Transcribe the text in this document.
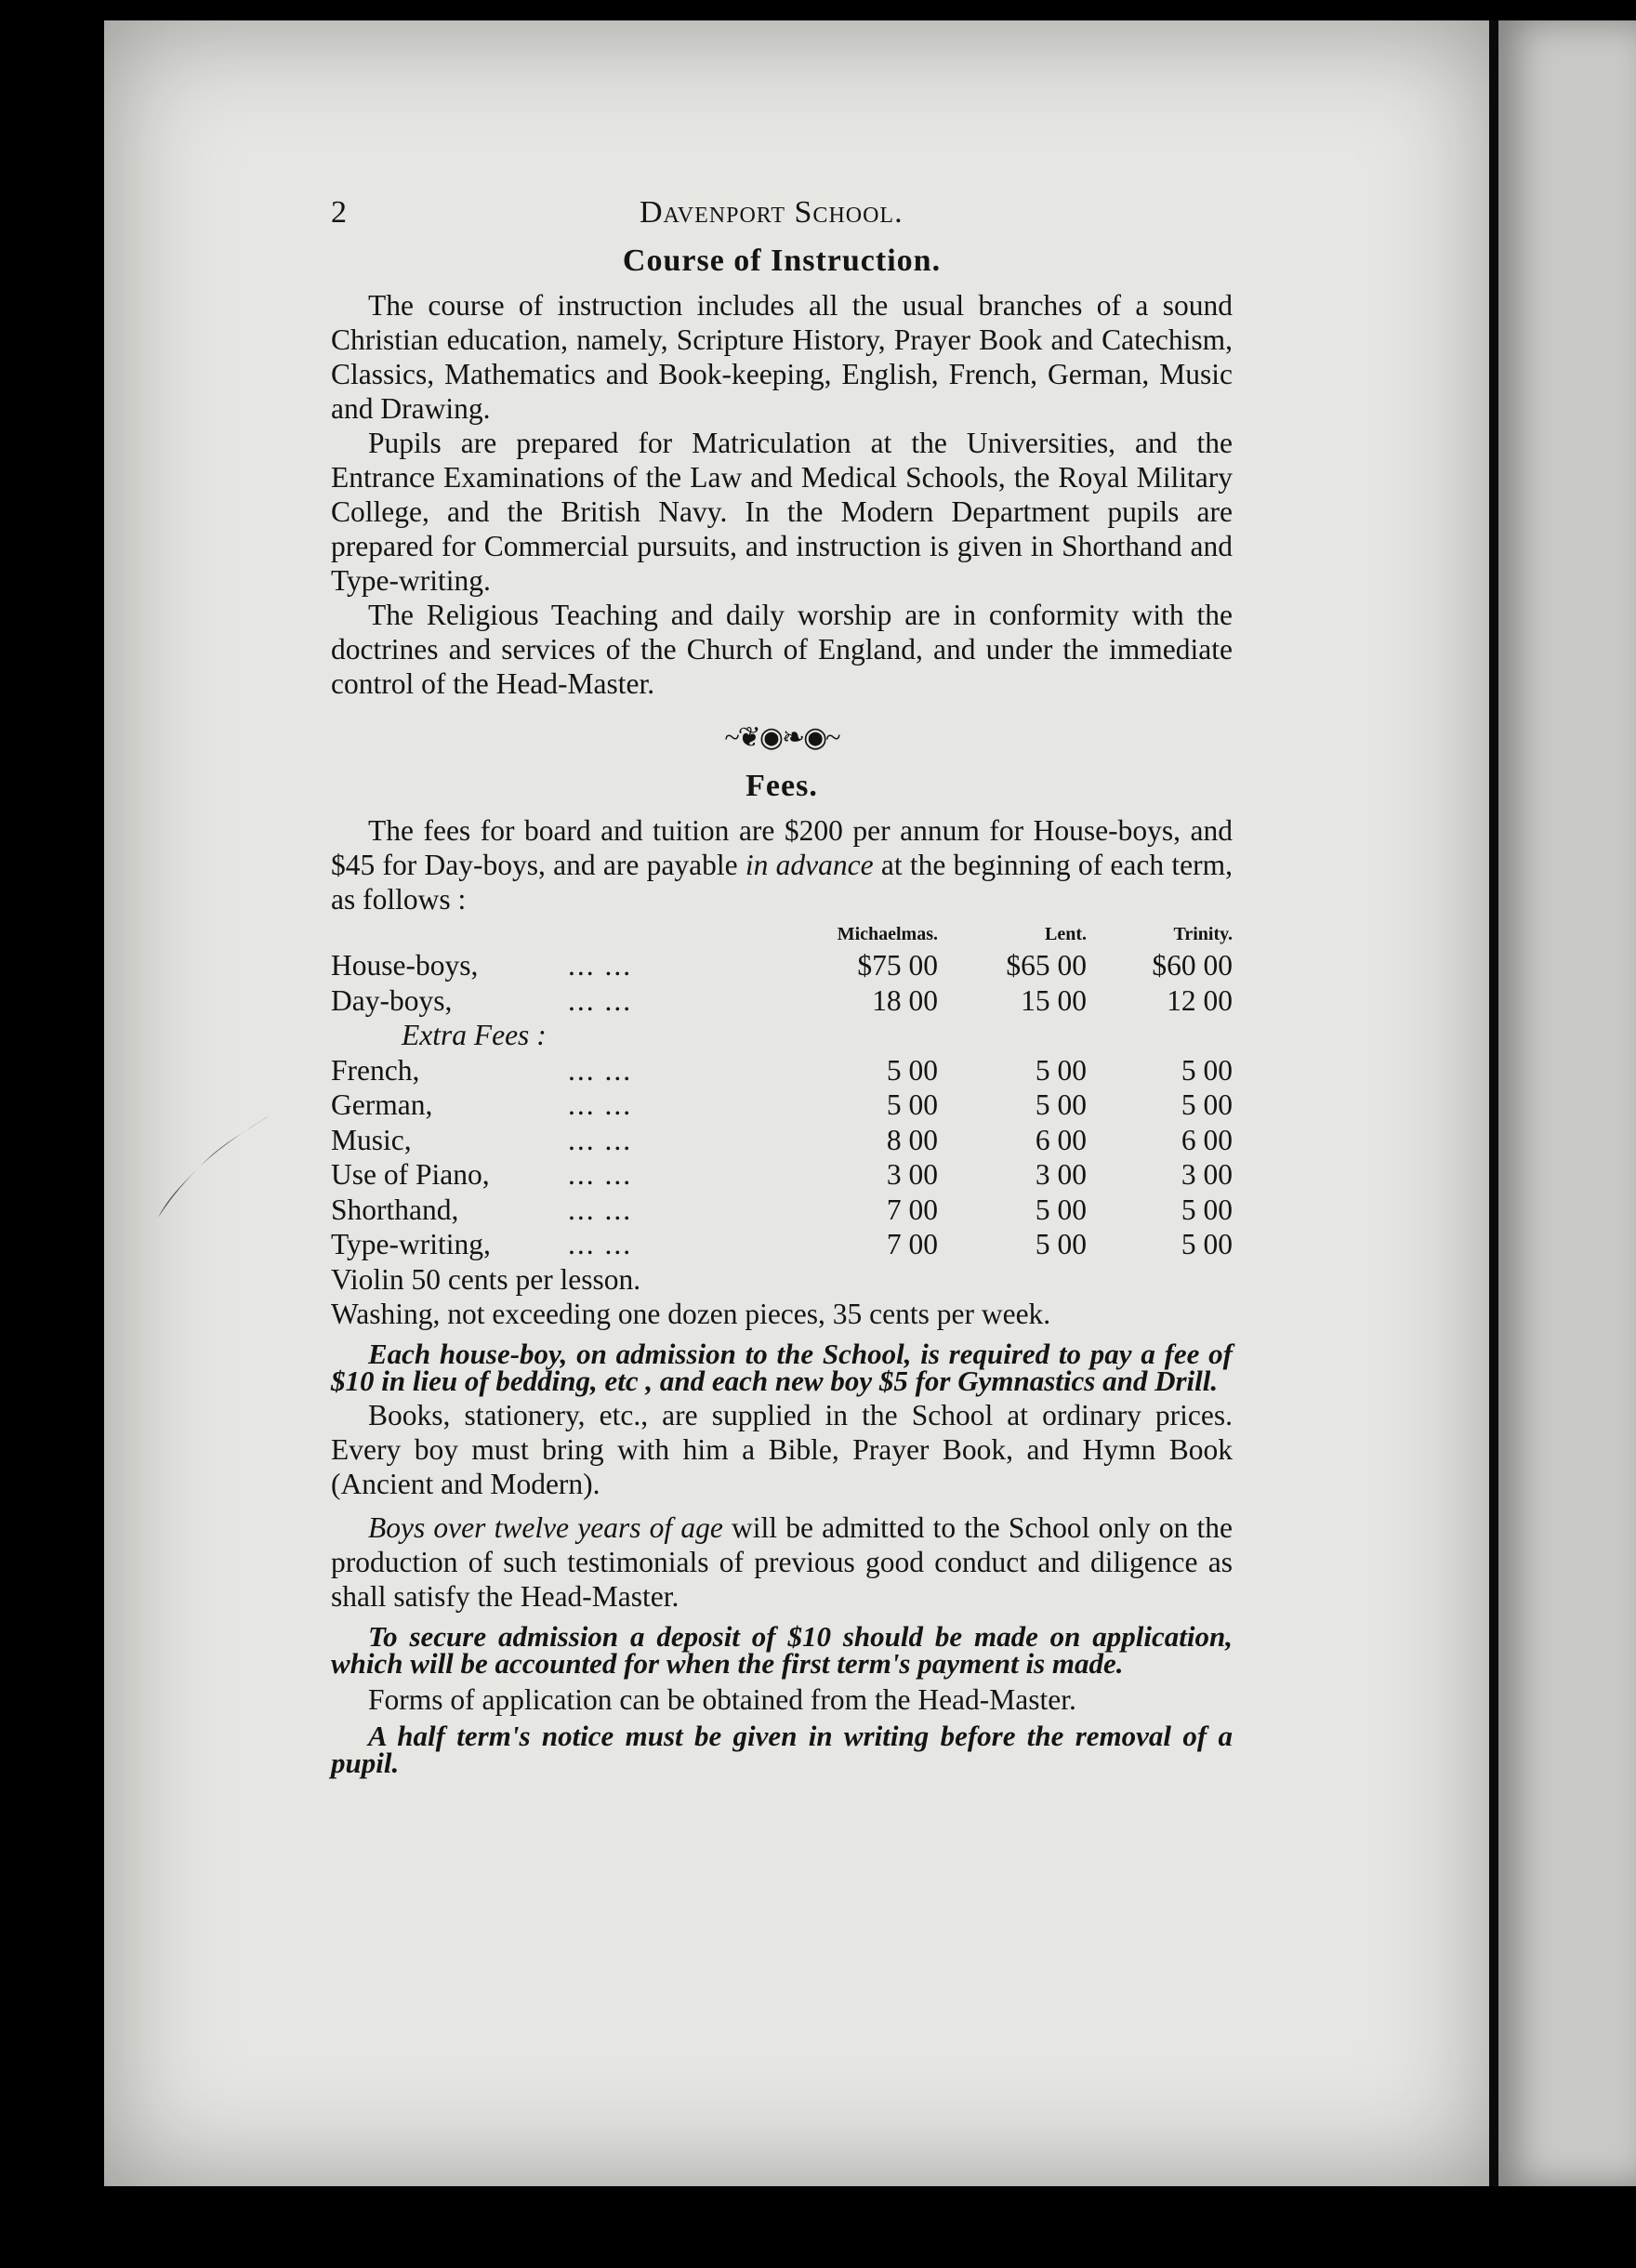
2	Davenport School.
Course of Instruction.

The course of instruction includes all the usual branches of a sound Christian education, namely, Scripture History, Prayer Book and Catechism, Classics, Mathematics and Book-keeping, English, French, German, Music and Drawing.

Pupils are prepared for Matriculation at the Universities, and the Entrance Examinations of the Law and Medical Schools, the Royal Military College, and the British Navy. In the Modern Department pupils are prepared for Commercial pursuits, and instruction is given in Shorthand and Type-writing.

The Religious Teaching and daily worship are in conformity with the doctrines and services of the Church of England, and under the immediate control of the Head-Master.

~❦◉❧◉~
Fees.

The fees for board and tuition are $200 per annum for House-boys, and $45 for Day-boys, and are payable in advance at the beginning of each term, as follows :

		Michaelmas.	Lent.	Trinity.
House-boys,	... ...	$75 00	$65 00	$60 00
Day-boys,	... ...	18 00	15 00	12 00
Extra Fees :				
French,	... ...	5 00	5 00	5 00
German,	... ...	5 00	5 00	5 00
Music,	... ...	8 00	6 00	6 00
Use of Piano,	... ...	3 00	3 00	3 00
Shorthand,	... ...	7 00	5 00	5 00
Type-writing,	... ...	7 00	5 00	5 00

Violin 50 cents per lesson.

Washing, not exceeding one dozen pieces, 35 cents per week.

Each house-boy, on admission to the School, is required to pay a fee of $10 in lieu of bedding, etc , and each new boy $5 for Gymnastics and Drill.

Books, stationery, etc., are supplied in the School at ordinary prices. Every boy must bring with him a Bible, Prayer Book, and Hymn Book (Ancient and Modern).

Boys over twelve years of age will be admitted to the School only on the production of such testimonials of previous good conduct and diligence as shall satisfy the Head-Master.

To secure admission a deposit of $10 should be made on application, which will be accounted for when the first term's payment is made.

Forms of application can be obtained from the Head-Master.

A half term's notice must be given in writing before the removal of a pupil.
